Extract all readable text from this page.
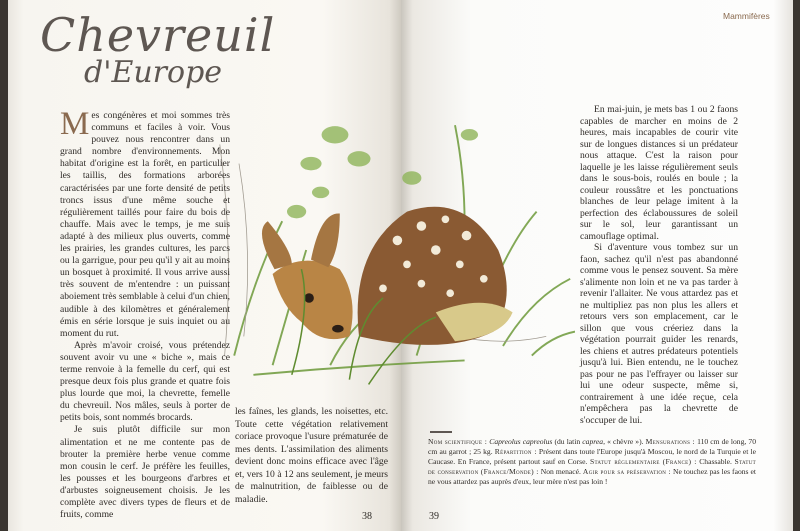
Mammifères
Chevreuil
d'Europe

Mes congénères et moi sommes très communs et faciles à voir. Vous pouvez nous rencontrer dans un grand nombre d'environnements. Mon habitat d'origine est la forêt, en particulier les taillis, des formations arborées caractérisées par une forte densité de petits troncs issus d'une même souche et régulièrement taillés pour faire du bois de chauffe. Mais avec le temps, je me suis adapté à des milieux plus ouverts, comme les prairies, les grandes cultures, les parcs ou la garrigue, pour peu qu'il y ait au moins un bosquet à proximité. Il vous arrive aussi très souvent de m'entendre : un puissant aboiement très semblable à celui d'un chien, audible à des kilomètres et généralement émis en série lorsque je suis inquiet ou au moment du rut.

Après m'avoir croisé, vous prétendez souvent avoir vu une « biche », mais ce terme renvoie à la femelle du cerf, qui est presque deux fois plus grande et quatre fois plus lourde que moi, la chevrette, femelle du chevreuil. Nos mâles, seuls à porter de petits bois, sont nommés brocards.

Je suis plutôt difficile sur mon alimentation et ne me contente pas de brouter la première herbe venue comme mon cousin le cerf. Je préfère les feuilles, les pousses et les bourgeons d'arbres et d'arbustes soigneusement choisis. Je les complète avec divers types de fleurs et de fruits, comme

les faînes, les glands, les noisettes, etc. Toute cette végétation relativement coriace provoque l'usure prématurée de mes dents. L'assimilation des aliments devient donc moins efficace avec l'âge et, vers 10 à 12 ans seulement, je meurs de malnutrition, de faiblesse ou de maladie.

38

En mai-juin, je mets bas 1 ou 2 faons capables de marcher en moins de 2 heures, mais incapables de courir vite sur de longues distances si un prédateur nous attaque. C'est la raison pour laquelle je les laisse régulièrement seuls dans le sous-bois, roulés en boule ; la couleur roussâtre et les ponctuations blanches de leur pelage imitent à la perfection des éclaboussures de soleil sur le sol, leur garantissant un camouflage optimal.

Si d'aventure vous tombez sur un faon, sachez qu'il n'est pas abandonné comme vous le pensez souvent. Sa mère s'alimente non loin et ne va pas tarder à revenir l'allaiter. Ne vous attardez pas et ne multipliez pas non plus les allers et retours vers son emplacement, car le sillon que vous créeriez dans la végétation pourrait guider les renards, les chiens et autres prédateurs potentiels jusqu'à lui. Bien entendu, ne le touchez pas pour ne pas l'effrayer ou laisser sur lui une odeur suspecte, même si, contrairement à une idée reçue, cela n'empêchera pas la chevrette de s'occuper de lui.

Nom scientifique : Capreolus capreolus (du latin caprea, « chèvre »). Mensurations : 110 cm de long, 70 cm au garrot ; 25 kg. Répartition : Présent dans toute l'Europe jusqu'à Moscou, le nord de la Turquie et le Caucase. En France, présent partout sauf en Corse. Statut réglementaire (France) : Chassable. Statut de conservation (France/Monde) : Non menacé. Agir pour sa préservation : Ne touchez pas les faons et ne vous attardez pas auprès d'eux, leur mère n'est pas loin !
39
